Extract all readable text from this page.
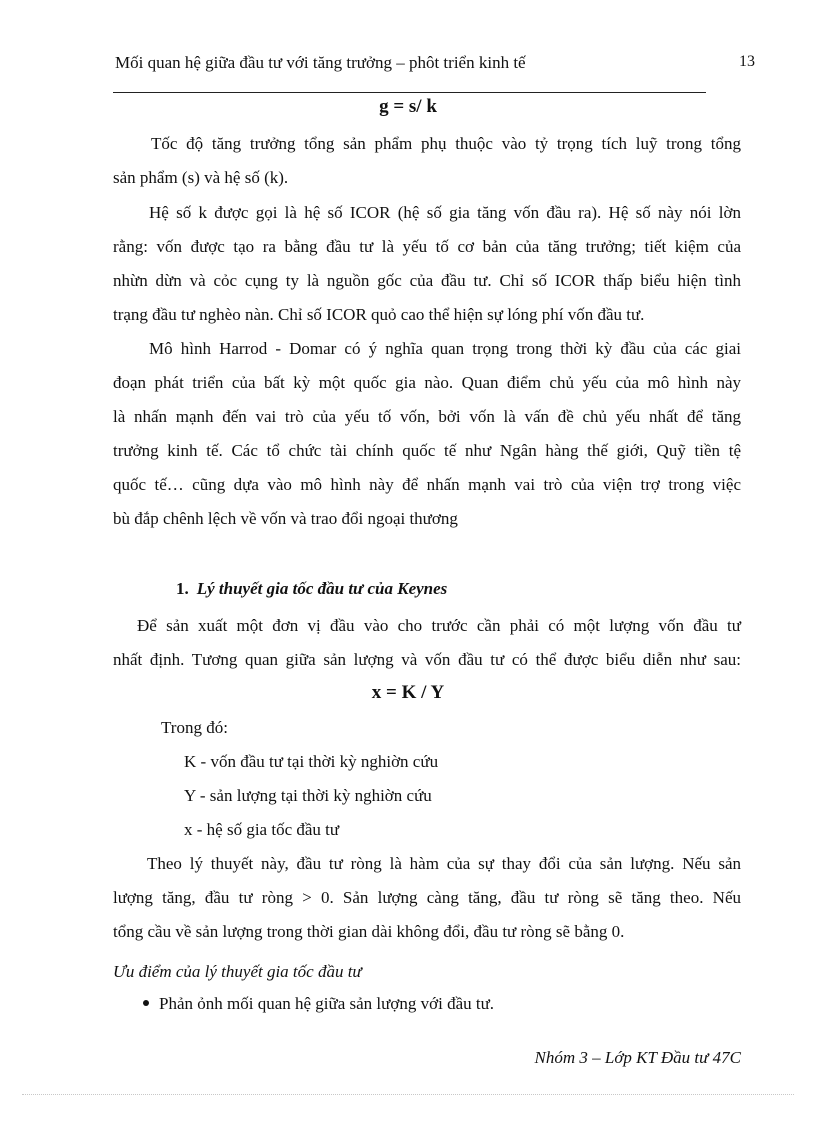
Mối quan hệ giữa đầu tư với tăng trưởng – phôt triển kinh tế	13
g = s/ k
Tốc độ tăng trưởng tổng sản phẩm phụ thuộc vào tỷ trọng tích luỹ trong tổng
sản phẩm (s) và hệ số (k).
Hệ số k được gọi là hệ số ICOR (hệ số gia tăng vốn đầu ra). Hệ số này nói lờn
rằng: vốn được tạo ra bằng đầu tư là yếu tố cơ bản của tăng trưởng; tiết kiệm của
nhừn dừn và cỏc cụng ty là nguồn gốc của đầu tư. Chỉ số ICOR thấp biểu hiện tình
trạng đầu tư nghèo nàn. Chỉ số ICOR quỏ cao thể hiện sự lóng phí vốn đầu tư.
Mô hình Harrod - Domar có ý nghĩa quan trọng trong thời kỳ đầu của các giai
đoạn phát triển của bất kỳ một quốc gia nào. Quan điểm chủ yếu của mô hình này
là nhấn mạnh đến vai trò của yếu tố vốn, bởi vốn là vấn đề chủ yếu nhất để tăng
trưởng kinh tế. Các tổ chức tài chính quốc tế như Ngân hàng thế giới, Quỹ tiền tệ
quốc tế… cũng dựa vào mô hình này để nhấn mạnh vai trò của viện trợ trong việc
bù đắp chênh lệch về vốn và trao đổi ngoại thương
1. Lý thuyết gia tốc đầu tư của Keynes
Để sản xuất một đơn vị đầu vào cho trước cần phải có một lượng vốn đầu tư
nhất định. Tương quan giữa sản lượng và vốn đầu tư có thể được biểu diễn như sau:
x = K / Y
Trong đó:
K - vốn đầu tư tại thời kỳ nghiờn cứu
Y - sản lượng tại thời kỳ nghiờn cứu
x - hệ số gia tốc đầu tư
Theo lý thuyết này, đầu tư ròng là hàm của sự thay đổi của sản lượng. Nếu sản
lượng tăng, đầu tư ròng > 0. Sản lượng càng tăng, đầu tư ròng sẽ tăng theo. Nếu
tổng cầu về sản lượng trong thời gian dài không đổi, đầu tư ròng sẽ bằng 0.
Ưu điểm của lý thuyết gia tốc đầu tư
Phản ỏnh mối quan hệ giữa sản lượng với đầu tư.
Nhóm 3 – Lớp KT Đầu tư 47C
